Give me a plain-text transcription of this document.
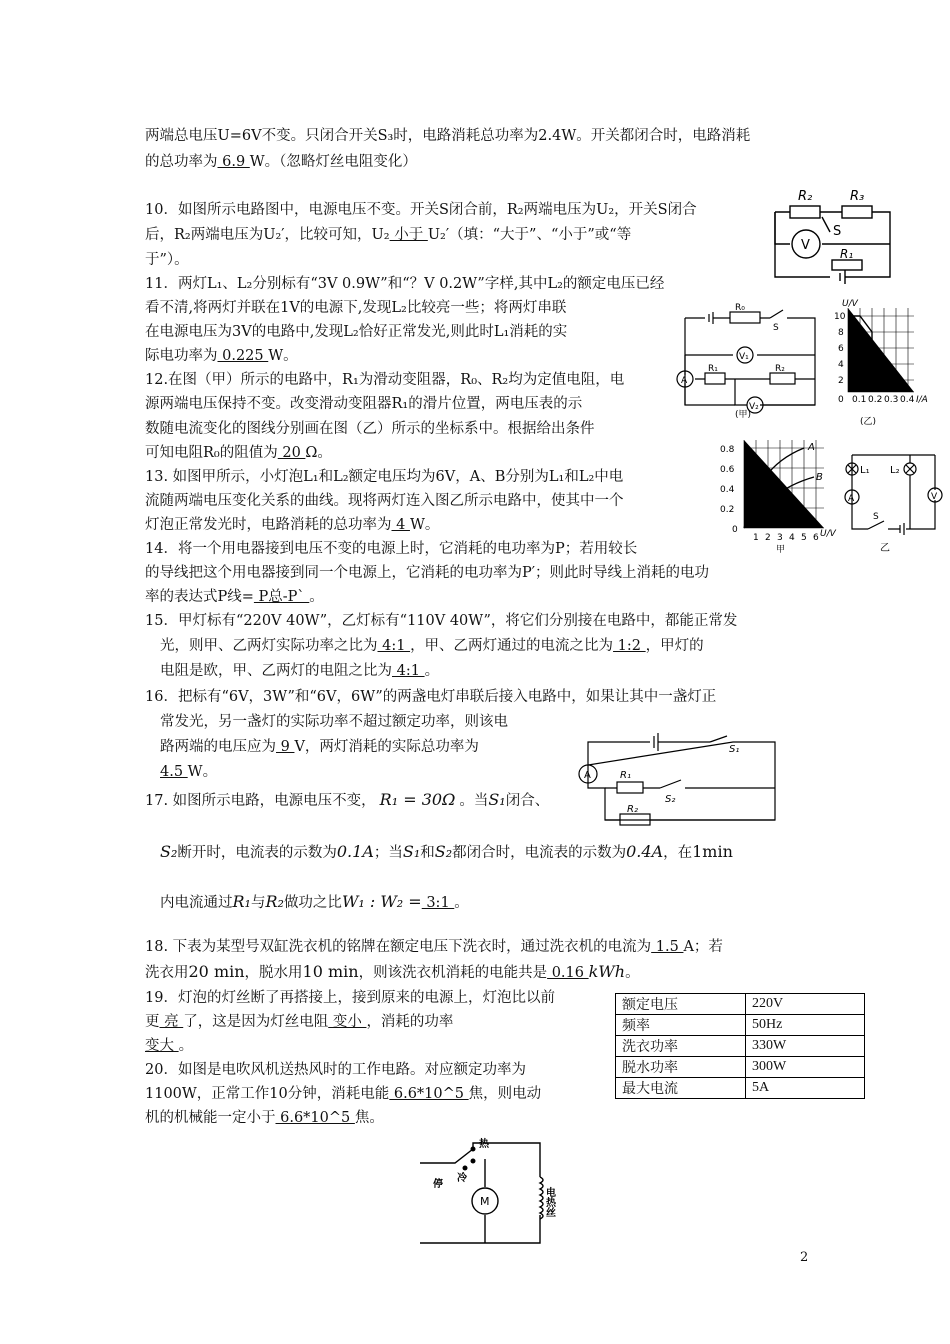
两端总电压U=6V不变。只闭合开关S₃时，电路消耗总功率为2.4W。开关都闭合时，电路消耗
的总功率为 6.9 W。（忽略灯丝电阻变化）
10．如图所示电路图中，电源电压不变。开关S闭合前，R₂两端电压为U₂，开关S闭合
后，R₂两端电压为U₂′，比较可知，U₂ 小于 U₂′（填：“大于”、“小于”或“等
于”）。
11．两灯L₁、L₂分别标有“3V 0.9W”和“？V 0.2W”字样,其中L₂的额定电压已经
看不清,将两灯并联在1V的电源下,发现L₂比较亮一些；将两灯串联
在电源电压为3V的电路中,发现L₂恰好正常发光,则此时L₁消耗的实
际电功率为 0.225 W。
12.在图（甲）所示的电路中，R₁为滑动变阻器，R₀、R₂均为定值电阻，电
源两端电压保持不变。改变滑动变阻器R₁的滑片位置，两电压表的示
数随电流变化的图线分别画在图（乙）所示的坐标系中。根据给出条件
可知电阻R₀的阻值为 20 Ω。
13. 如图甲所示，小灯泡L₁和L₂额定电压均为6V，A、B分别为L₁和L₂中电
流随两端电压变化关系的曲线。现将两灯连入图乙所示电路中，使其中一个
灯泡正常发光时，电路消耗的总功率为 4 W。
14．将一个用电器接到电压不变的电源上时，它消耗的电功率为P；若用较长
的导线把这个用电器接到同一个电源上，它消耗的电功率为P′；则此时导线上消耗的电功
率的表达式P线= P总-P` 。
15．甲灯标有“220V 40W”，乙灯标有“110V 40W”，将它们分别接在电路中，都能正常发
光，则甲、乙两灯实际功率之比为 4:1 ，甲、乙两灯通过的电流之比为 1:2 ，甲灯的
电阻是欧，甲、乙两灯的电阻之比为 4:1 。
16．把标有“6V，3W”和“6V，6W”的两盏电灯串联后接入电路中，如果让其中一盏灯正
常发光，另一盏灯的实际功率不超过额定功率，则该电
路两端的电压应为 9 V，两灯消耗的实际总功率为
4.5 W。
17. 如图所示电路，电源电压不变， R₁ = 30Ω 。当S₁闭合、
S₂断开时，电流表的示数为0.1A；当S₁和S₂都闭合时，电流表的示数为0.4A，在1min
内电流通过R₁与R₂做功之比W₁ : W₂ = 3:1 。
18. 下表为某型号双缸洗衣机的铭牌在额定电压下洗衣时，通过洗衣机的电流为 1.5 A；若
洗衣用20 min，脱水用10 min，则该洗衣机消耗的电能共是 0.16 kWh。
19．灯泡的灯丝断了再搭接上，接到原来的电源上，灯泡比以前
更 亮 了，这是因为灯丝电阻 变小 ，消耗的功率
变大 。
20．如图是电吹风机送热风时的工作电路。对应额定功率为
1100W，正常工作10分钟，消耗电能 6.6*10^5 焦，则电动
机的机械能一定小于 6.6*10^5 焦。
额定电压	220V
频率	50Hz
洗衣功率	330W
脱水功率	300W
最大电流	5A
R₂	R₃
S
V
R₁
R₀
S
V₁
A
R₁	R₂
V₂
(甲)
U/V
10
8
6
4
2
0 0.1 0.2 0.3 0.4 I/A
(乙)
0.8
0.6
0.4
0.2
0
1 2 3 4 5 6 U/V
A
B
甲
L₁ L₂
A	V
S
乙
A
S₁
R₁
S₂
R₂
热
冷
停
M	电热丝
2
